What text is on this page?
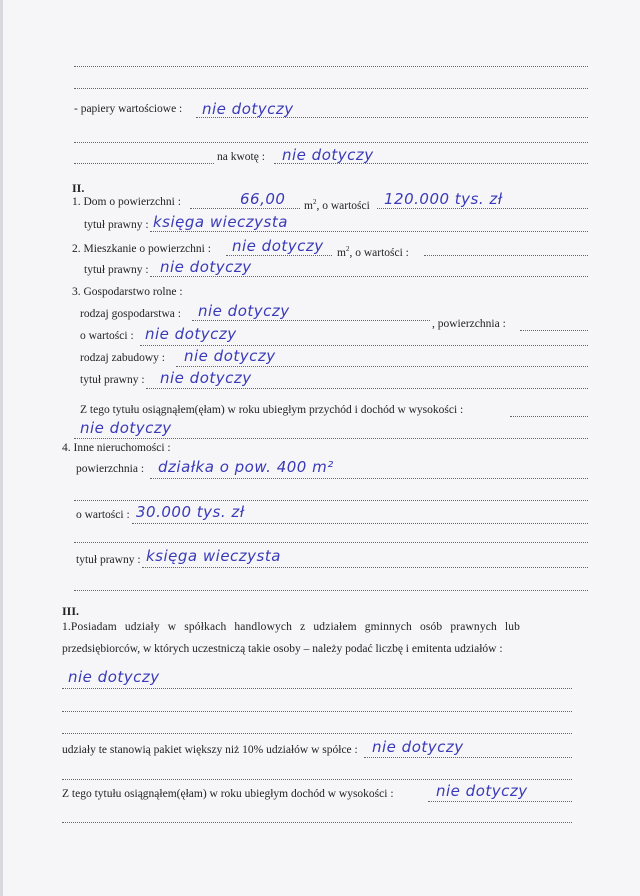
- papiery wartościowe : nie dotyczy
na kwotę : nie dotyczy
II.
1. Dom o powierzchni :	66,00 $m^2$, o wartości 120.000 tys. zł
tytuł prawny : księga wieczysta
2. Mieszkanie o powierzchni : nie dotyczy $m^2$, o wartości :
tytuł prawny : nie dotyczy
3. Gospodarstwo rolne :
rodzaj gospodarstwa : nie dotyczy
, powierzchnia :
o wartości : nie dotyczy
rodzaj zabudowy : nie dotyczy
tytuł prawny : nie dotyczy
Z tego tytułu osiągnąłem(ęłam) w roku ubiegłym przychód i dochód w wysokości :
nie dotyczy
4. Inne nieruchomości :
powierzchnia : działka o pow. 400 m²
o wartości : 30.000 tys. zł
tytuł prawny : księga wieczysta
III.
1.Posiadam udziały w spółkach handlowych z udziałem gminnych osób prawnych lub
przedsiębiorców, w których uczestniczą takie osoby – należy podać liczbę i emitenta udziałów :
nie dotyczy
udziały te stanowią pakiet większy niż 10% udziałów w spółce : nie dotyczy
Z tego tytułu osiągnąłem(ęłam) w roku ubiegłym dochód w wysokości :	nie dotyczy
